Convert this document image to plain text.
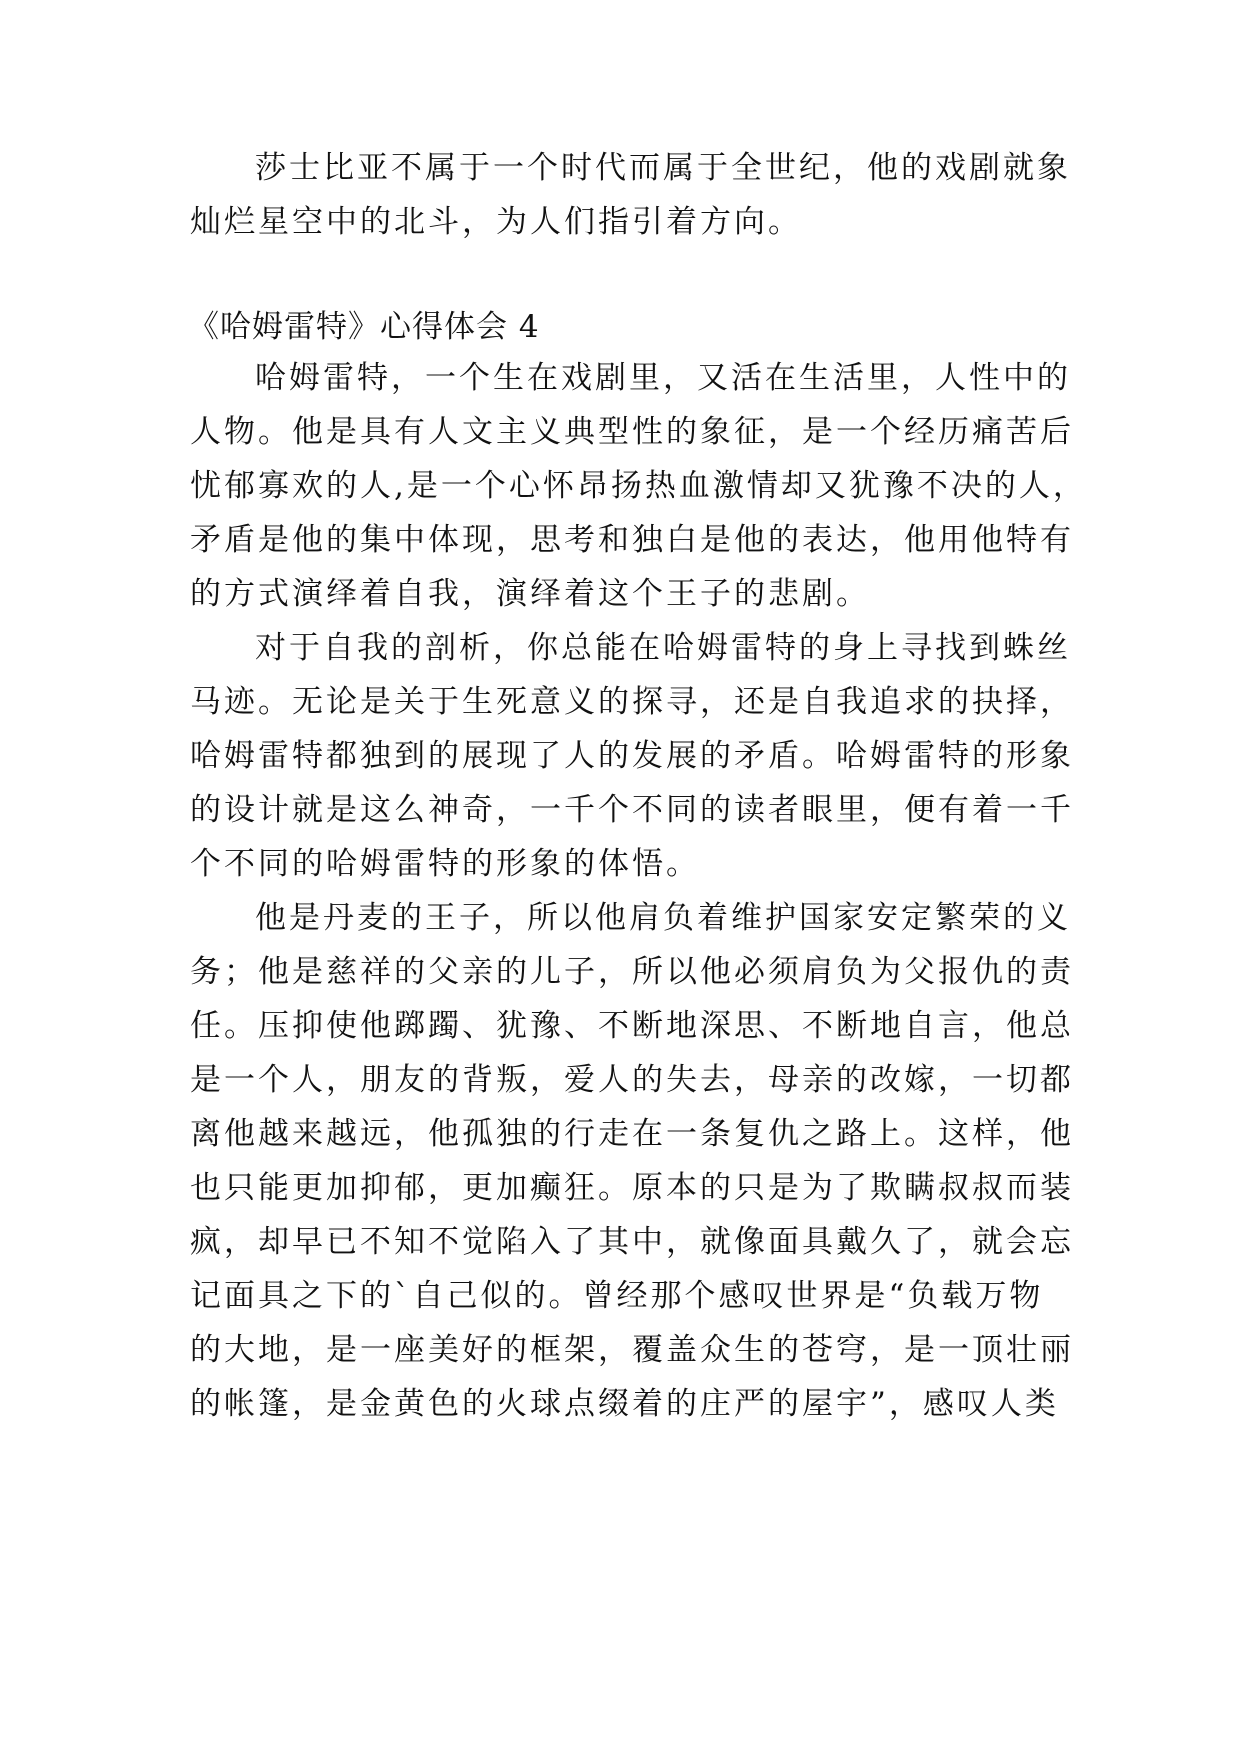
莎士比亚不属于一个时代而属于全世纪，他的戏剧就象
灿烂星空中的北斗，为人们指引着方向。
《哈姆雷特》心得体会 4
哈姆雷特，一个生在戏剧里，又活在生活里，人性中的
人物。他是具有人文主义典型性的象征，是一个经历痛苦后
忧郁寡欢的人,是一个心怀昂扬热血激情却又犹豫不决的人，
矛盾是他的集中体现，思考和独白是他的表达，他用他特有
的方式演绎着自我，演绎着这个王子的悲剧。
对于自我的剖析，你总能在哈姆雷特的身上寻找到蛛丝
马迹。无论是关于生死意义的探寻，还是自我追求的抉择，
哈姆雷特都独到的展现了人的发展的矛盾。哈姆雷特的形象
的设计就是这么神奇，一千个不同的读者眼里，便有着一千
个不同的哈姆雷特的形象的体悟。
他是丹麦的王子，所以他肩负着维护国家安定繁荣的义
务；他是慈祥的父亲的儿子，所以他必须肩负为父报仇的责
任。压抑使他踯躅、犹豫、不断地深思、不断地自言，他总
是一个人，朋友的背叛，爱人的失去，母亲的改嫁，一切都
离他越来越远，他孤独的行走在一条复仇之路上。这样，他
也只能更加抑郁，更加癫狂。原本的只是为了欺瞒叔叔而装
疯，却早已不知不觉陷入了其中，就像面具戴久了，就会忘
记面具之下的`自己似的。曾经那个感叹世界是“负载万物
的大地，是一座美好的框架，覆盖众生的苍穹，是一顶壮丽
的帐篷，是金黄色的火球点缀着的庄严的屋宇”，感叹人类
